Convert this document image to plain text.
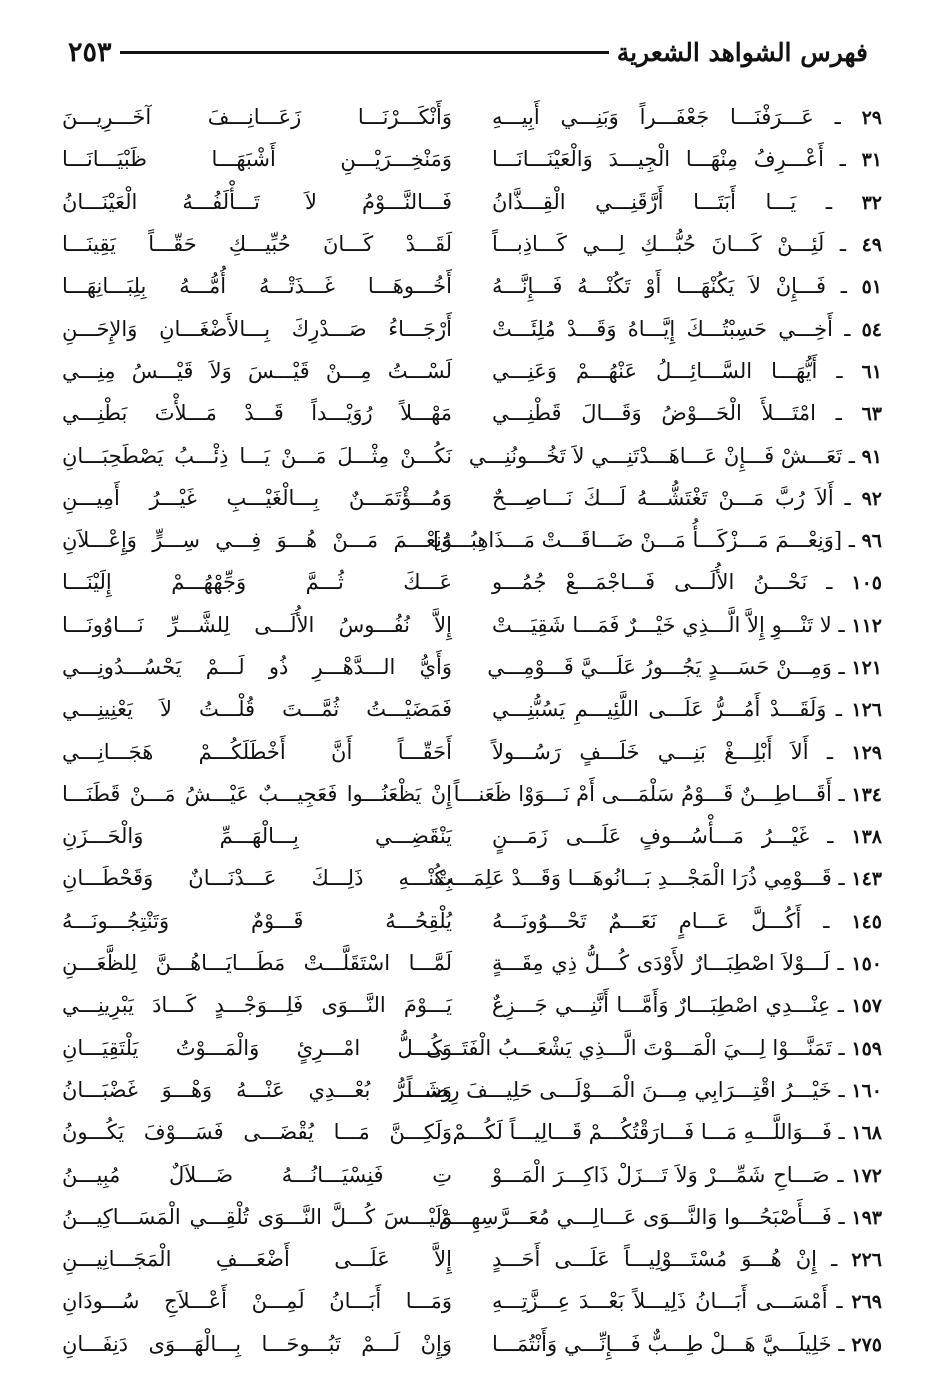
فهرس الشواهد الشعرية
٢٥٣
٢٩ ـ عَـــرَفْنَـــا جَعْفَـــراً وَبَنِـــي أَبِيـــهِ
وَأَنْكَـــرْنَـــا زَعَـــانِـــفَ آخَـــرِيـــنَ
٣١ ـ أَعْـــرِفُ مِنْهَـــا الْجِيـــدَ وَالْعَيْنَـــانَـــا
وَمَنْخِـــرَيْـــنِ أَشْبَهَـــا ظَبْيَـــانَـــا
٣٢ ـ يَـــا أَبَتَـــا أَرَّقَنِـــي الْقِـــذَّانُ
فَـــالنَّـــوْمُ لاَ تَـــأْلَفُـــهُ الْعَيْنَـــانُ
٤٩ ـ لَئِـــنْ كَـــانَ حُبُّـــكِ لِـــي كَـــاذِبـــاً
لَقَـــدْ كَـــانَ حُبِّيـــكِ حَقّـــاً يَقِينَـــا
٥١ ـ فَـــإِنْ لاَ يَكُنْهَـــا أَوْ تَكُنْـــهُ فَـــإِنَّـــهُ
أَخُـــوهَـــا غَـــذَتْـــهُ أُمُّـــهُ بِلِبَـــانِهَـــا
٥٤ ـ أَخِـــي حَسِبْتُـــكَ إِيَّـــاهُ وَقَـــدْ مُلِئَـــتْ
أَرْجَـــاءُ صَـــدْرِكَ بِـــالأَضْغَـــانِ وَالإِحَـــنِ
٦١ ـ أَيُّهَـــا السَّـــائِـــلُ عَنْهُـــمْ وَعَنِـــي
لَسْـــتُ مِـــنْ قَيْـــسَ وَلاَ قَيْـــسُ مِنِـــي
٦٣ ـ امْتَـــلأَ الْحَـــوْضُ وَقَـــالَ قَطْنِـــي
مَهْـــلاً رُوَيْـــداً قَـــدْ مَـــلأْتَ بَطْنِـــي
٩١ ـ تَعَـــشْ فَـــإِنْ عَـــاهَـــدْتَنِـــي لاَ تَخُـــونُنِـــي
نَكُـــنْ مِثْـــلَ مَـــنْ يَـــا ذِئْـــبُ يَصْطَحِبَـــانِ
٩٢ ـ أَلاَ رُبَّ مَـــنْ تَغْتَشُّـــهُ لَـــكَ نَـــاصِـــحٌ
وَمُـــؤْتَمَـــنٌ بِـــالْغَيْـــبِ غَيْـــرُ أَمِيـــنِ
٩٦ ـ [وَنِعْـــمَ مَـــزْكَـــأُ مَـــنْ ضَـــاقَـــتْ مَـــذَاهِبُـــهُ]
وَنِعْـــمَ مَـــنْ هُـــوَ فِـــي سِـــرٍّ وَإِعْـــلاَنِ
١٠٥ ـ نَحْـــنُ الأُلَـــى فَـــاجْمَـــعْ جُمُـــو
عَـــكَ ثُـــمَّ وَجِّهْهُـــمْ إِلَيْنَـــا
١١٢ ـ لا تَنْـــوِ إِلاَّ الَّـــذِي خَيْـــرٌ فَمَـــا شَقِيَـــتْ
إِلاَّ نُفُـــوسُ الأُلَـــى لِلشَّـــرِّ نَـــاوُونَـــا
١٢١ ـ وَمِـــنْ حَسَـــدٍ يَجُـــورُ عَلَـــيَّ قَـــوْمِـــي
وَأَيُّ الـــدَّهْـــرِ ذُو لَـــمْ يَحْسُـــدُونِـــي
١٢٦ ـ وَلَقَـــدْ أَمُـــرُّ عَلَـــى اللَّئِيـــمِ يَسُبُّنِـــي
فَمَضَيْـــتُ ثُمَّـــتَ قُلْـــتُ لاَ يَعْنِينِـــي
١٢٩ ـ أَلاَ أَبْلِـــغْ بَنِـــي خَلَـــفٍ رَسُـــولاً
أَحَقّـــاً أَنَّ أَخْطَلَكُـــمْ هَجَـــانِـــي
١٣٤ ـ أَقَـــاطِـــنٌ قَـــوْمُ سَلْمَـــى أَمْ نَـــوَوْا ظَعَنـــاً
إِنْ يَظْعَنُـــوا فَعَجِيـــبٌ عَيْـــشُ مَـــنْ قَطَنَـــا
١٣٨ ـ غَيْـــرُ مَـــأْسُـــوفٍ عَلَـــى زَمَـــنٍ
يَنْقَضِـــي بِـــالْهَـــمِّ وَالْحَـــزَنِ
١٤٣ ـ قَـــوْمِي ذُرَا الْمَجْـــدِ بَـــانُوهَـــا وَقَـــدْ عَلِمَـــتْ
بِكُنْـــهِ ذَلِـــكَ عَـــدْنَـــانٌ وَقَحْطَـــانِ
١٤٥ ـ أَكُـــلَّ عَـــامٍ نَعَـــمٌ تَحْـــوُونَـــهُ
يُلْقِحُـــهُ قَـــوْمٌ وَتَنْتِجُـــونَـــهُ
١٥٠ ـ لَـــوْلاَ اصْطِبَـــارٌ لأَوْدَى كُـــلُّ ذِي مِقَـــةٍ
لَمَّـــا اسْتَقَلَّـــتْ مَطَـــايَـــاهُـــنَّ لِلظَّعَـــنِ
١٥٧ ـ عِنْـــدِي اصْطِبَـــارٌ وَأَمَّـــا أَنَّنِـــي جَـــزِعٌ
يَـــوْمَ النَّـــوَى فَلِـــوَجْـــدٍ كَـــادَ يَبْرِينِـــي
١٥٩ ـ تَمَنَّـــوْا لِـــيَ الْمَـــوْتَ الَّـــذِي يَشْعَـــبُ الْفَتَـــى
وَكُـــلُّ امْـــرِئٍ وَالْمَـــوْتُ يَلْتَقِيَـــانِ
١٦٠ ـ خَيْـــرُ اقْتِـــرَابِي مِـــنَ الْمَـــوْلَـــى حَلِيـــفَ رِضـــاً
وَشَـــرُّ بُعْـــدِي عَنْـــهُ وَهْـــوَ غَضْبَـــانُ
١٦٨ ـ فَـــوَاللَّـــهِ مَـــا فَـــارَقْتُكُـــمْ قَـــالِيـــاً لَكُـــمْ
وَلَكِـــنَّ مَـــا يُقْضَـــى فَسَـــوْفَ يَكُـــونُ
١٧٢ ـ صَـــاحِ شَمِّـــرْ وَلاَ تَـــزَلْ ذَاكِـــرَ الْمَـــوْ
تِ فَنِسْيَـــانُـــهُ ضَـــلاَلٌ مُبِيـــنُ
١٩٣ ـ فَـــأَصْبَحُـــوا وَالنَّـــوَى عَـــالِـــي مُعَـــرَّسِهِـــمْ
وَلَيْـــسَ كُـــلَّ النَّـــوَى تُلْقِـــي الْمَسَـــاكِيـــنُ
٢٢٦ ـ إِنْ هُـــوَ مُسْتَـــوْلِيـــاً عَلَـــى أَحَـــدٍ
إِلاَّ عَلَـــى أَضْعَـــفِ الْمَجَـــانِيـــنِ
٢٦٩ ـ أَمْسَـــى أَبَـــانُ ذَلِيـــلاً بَعْـــدَ عِـــزَّتِـــهِ
وَمَـــا أَبَـــانُ لَمِـــنْ أَعْـــلاَجِ سُـــودَانِ
٢٧٥ ـ خَلِيلَـــيَّ هَـــلْ طِـــبٌّ فَـــإِنِّـــي وَأَنْتُمَـــا
وَإِنْ لَـــمْ تَبُـــوحَـــا بِـــالْهَـــوَى دَنِفَـــانِ
